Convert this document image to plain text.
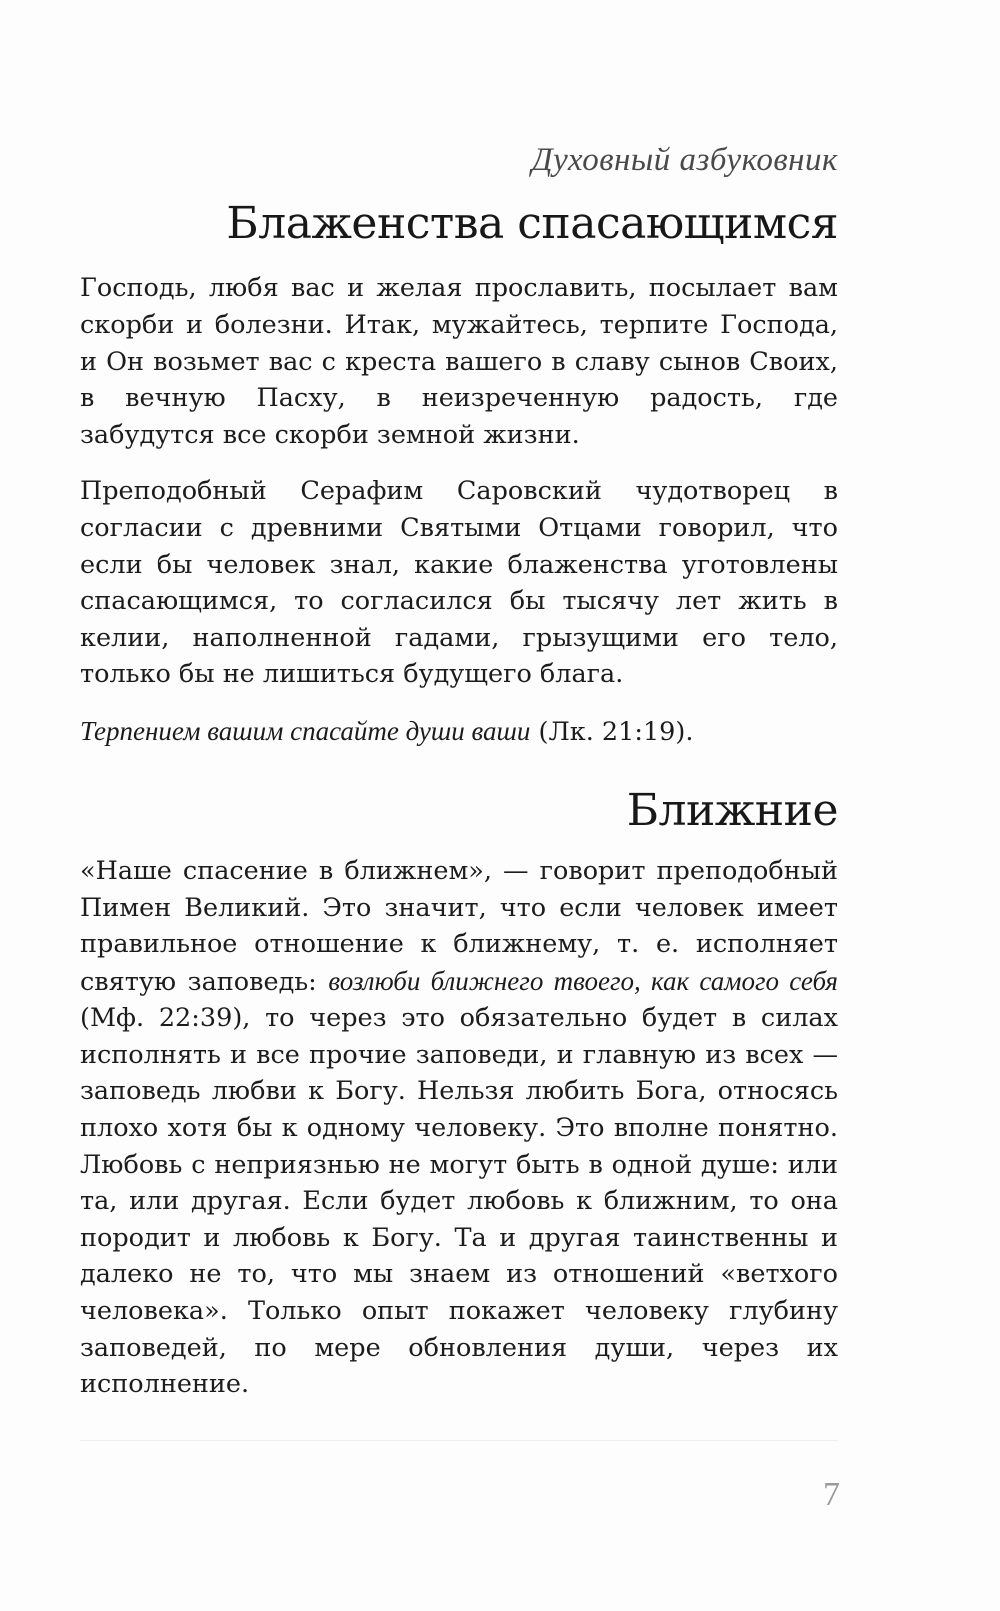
Духовный азбуковник
Блаженства спасающимся

Господь, любя вас и желая прославить, посылает вам скорби и болезни. Итак, мужайтесь, терпите Господа, и Он возьмет вас с креста вашего в славу сынов Своих, в вечную Пасху, в неизреченную радость, где забудутся все скорби земной жизни.

Преподобный Серафим Саровский чудотворец в согласии с древними Святыми Отцами говорил, что если бы человек знал, какие блаженства уготовлены спасающимся, то согласился бы тысячу лет жить в келии, наполненной гадами, грызущими его тело, только бы не лишиться будущего блага.

Терпением вашим спасайте души ваши (Лк. 21:19).

Ближние

«Наше спасение в ближнем», — говорит преподобный Пимен Великий. Это значит, что если человек имеет правильное отношение к ближнему, т. е. исполняет святую заповедь: возлюби ближнего твоего, как самого себя (Мф. 22:39), то через это обязательно будет в силах исполнять и все прочие заповеди, и главную из всех — заповедь любви к Богу. Нельзя любить Бога, относясь плохо хотя бы к одному человеку. Это вполне понятно. Любовь с неприязнью не могут быть в одной душе: или та, или другая. Если будет любовь к ближним, то она породит и любовь к Богу. Та и другая таинственны и далеко не то, что мы знаем из отношений «ветхого человека». Только опыт покажет человеку глубину заповедей, по мере обновления души, через их исполнение.

7
